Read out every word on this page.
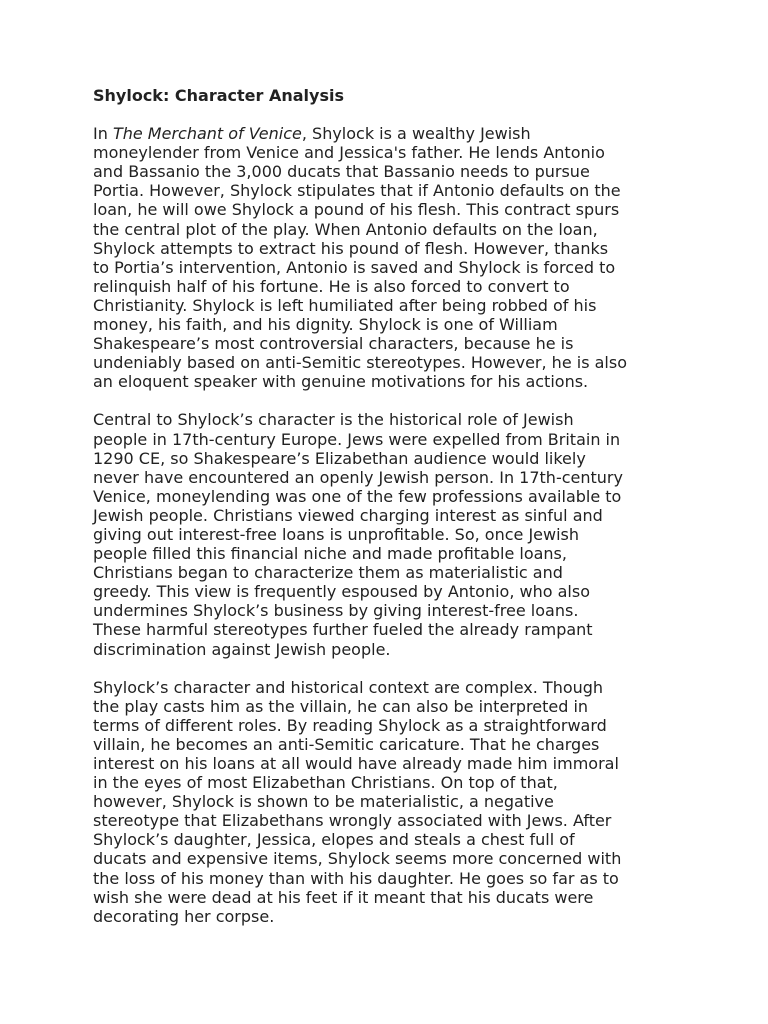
Shylock: Character Analysis
In The Merchant of Venice, Shylock is a wealthy Jewish
moneylender from Venice and Jessica's father. He lends Antonio
and Bassanio the 3,000 ducats that Bassanio needs to pursue
Portia. However, Shylock stipulates that if Antonio defaults on the
loan, he will owe Shylock a pound of his flesh. This contract spurs
the central plot of the play. When Antonio defaults on the loan,
Shylock attempts to extract his pound of flesh. However, thanks
to Portia’s intervention, Antonio is saved and Shylock is forced to
relinquish half of his fortune. He is also forced to convert to
Christianity. Shylock is left humiliated after being robbed of his
money, his faith, and his dignity. Shylock is one of William
Shakespeare’s most controversial characters, because he is
undeniably based on anti-Semitic stereotypes. However, he is also
an eloquent speaker with genuine motivations for his actions.
Central to Shylock’s character is the historical role of Jewish
people in 17th-century Europe. Jews were expelled from Britain in
1290 CE, so Shakespeare’s Elizabethan audience would likely
never have encountered an openly Jewish person. In 17th-century
Venice, moneylending was one of the few professions available to
Jewish people. Christians viewed charging interest as sinful and
giving out interest-free loans is unprofitable. So, once Jewish
people filled this financial niche and made profitable loans,
Christians began to characterize them as materialistic and
greedy. This view is frequently espoused by Antonio, who also
undermines Shylock’s business by giving interest-free loans.
These harmful stereotypes further fueled the already rampant
discrimination against Jewish people.
Shylock’s character and historical context are complex. Though
the play casts him as the villain, he can also be interpreted in
terms of different roles. By reading Shylock as a straightforward
villain, he becomes an anti-Semitic caricature. That he charges
interest on his loans at all would have already made him immoral
in the eyes of most Elizabethan Christians. On top of that,
however, Shylock is shown to be materialistic, a negative
stereotype that Elizabethans wrongly associated with Jews. After
Shylock’s daughter, Jessica, elopes and steals a chest full of
ducats and expensive items, Shylock seems more concerned with
the loss of his money than with his daughter. He goes so far as to
wish she were dead at his feet if it meant that his ducats were
decorating her corpse.
